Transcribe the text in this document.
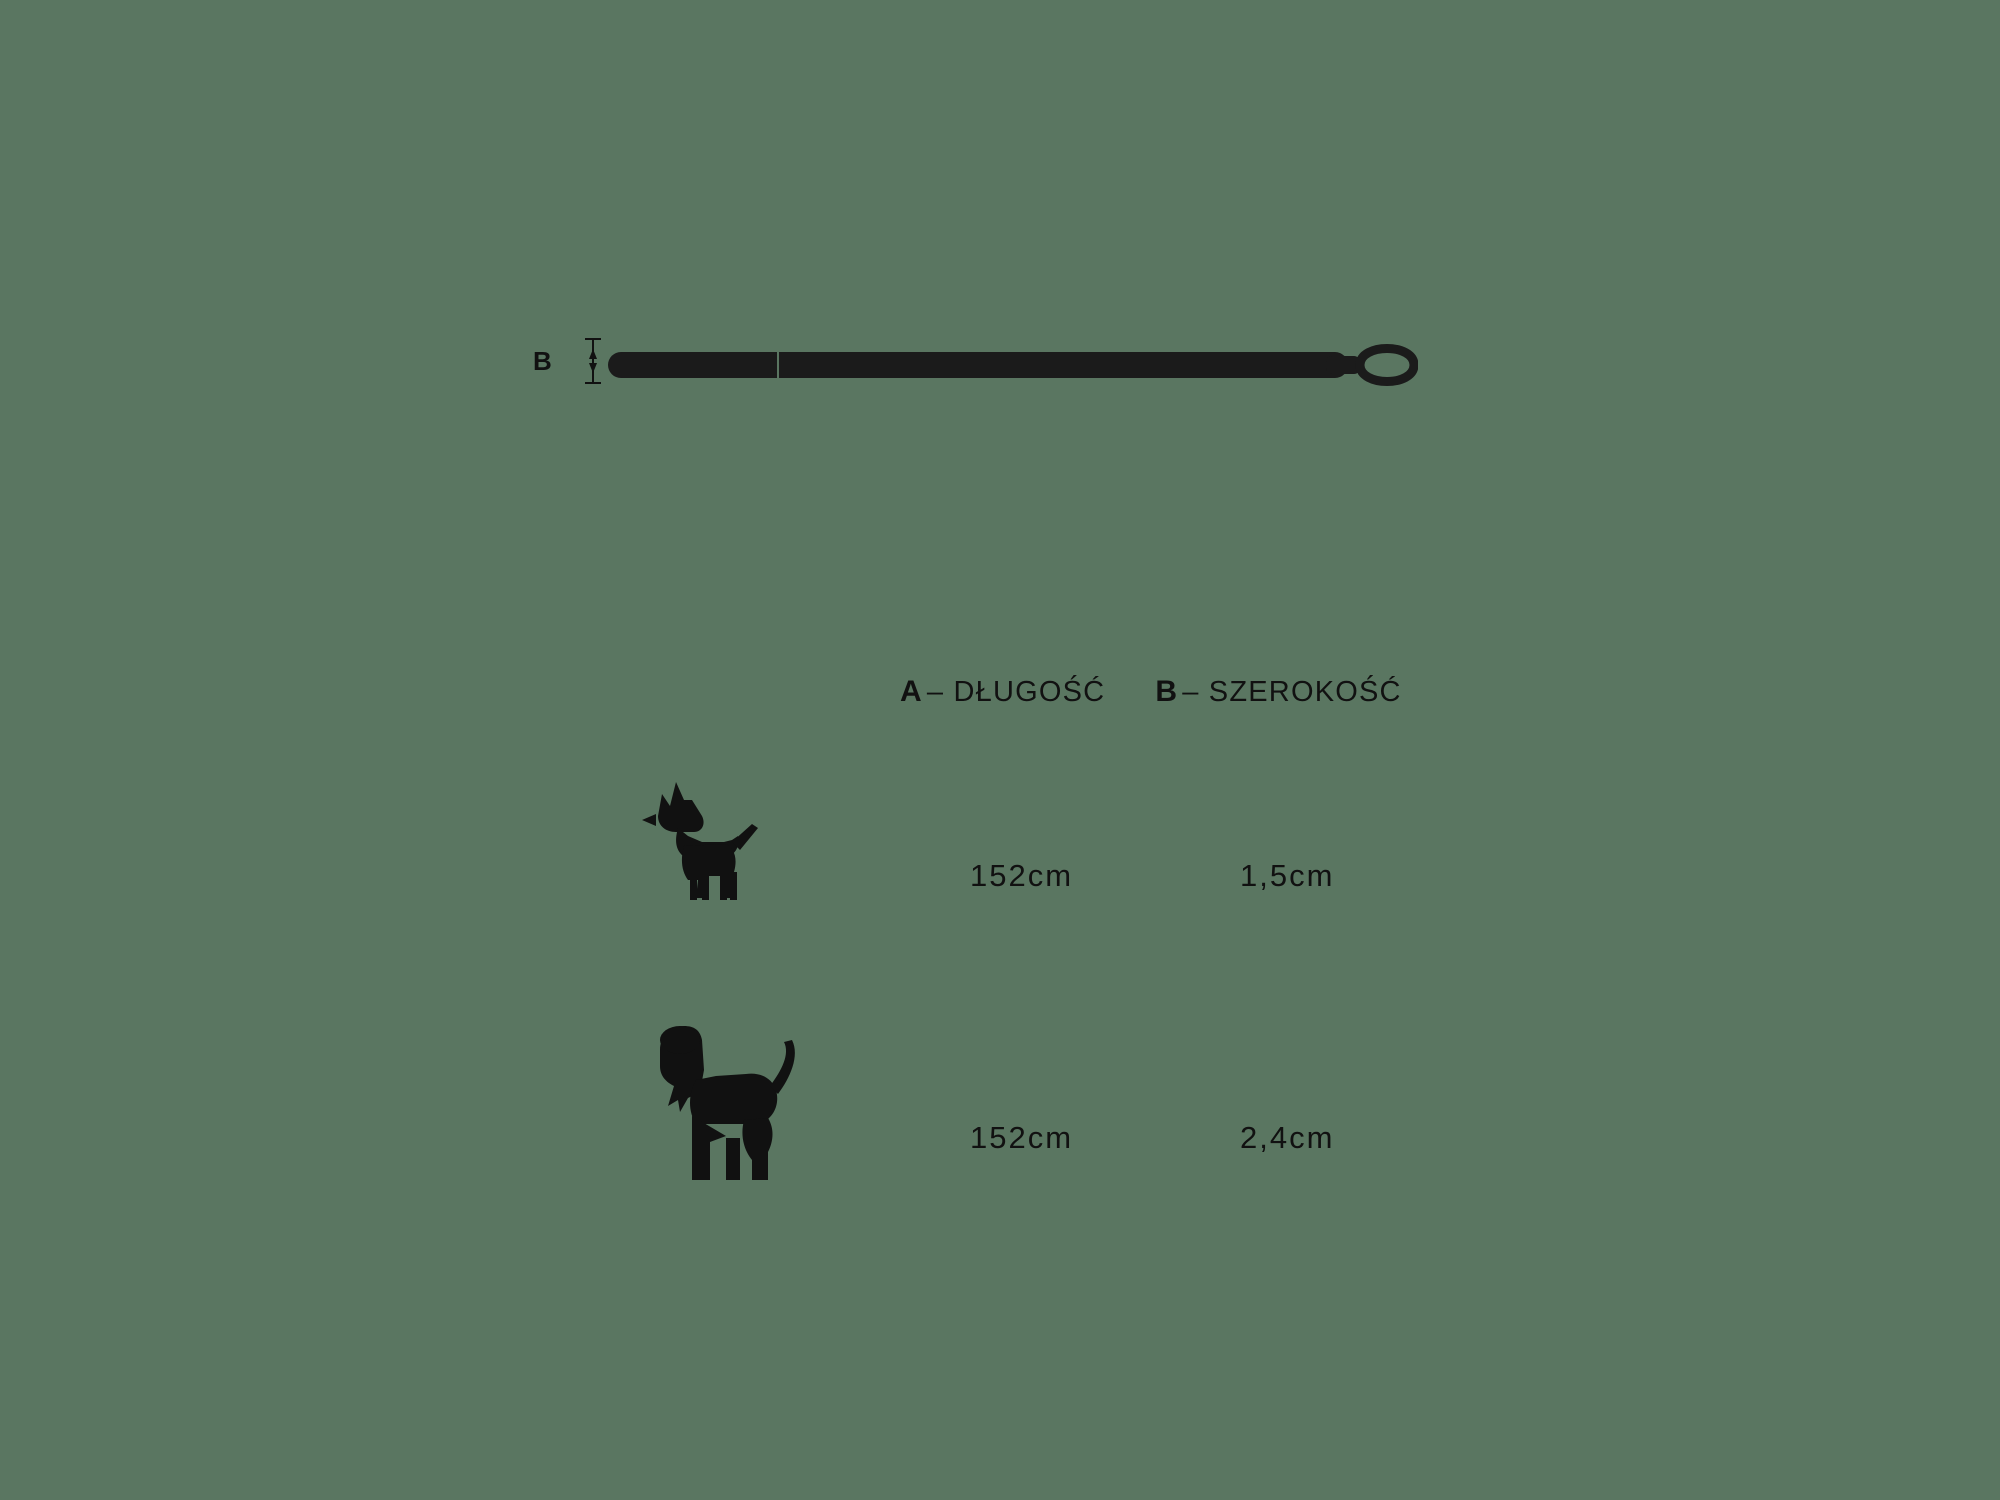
B
A – DŁUGOŚĆ B – SZEROKOŚĆ
152cm	1,5cm
152cm	2,4cm
